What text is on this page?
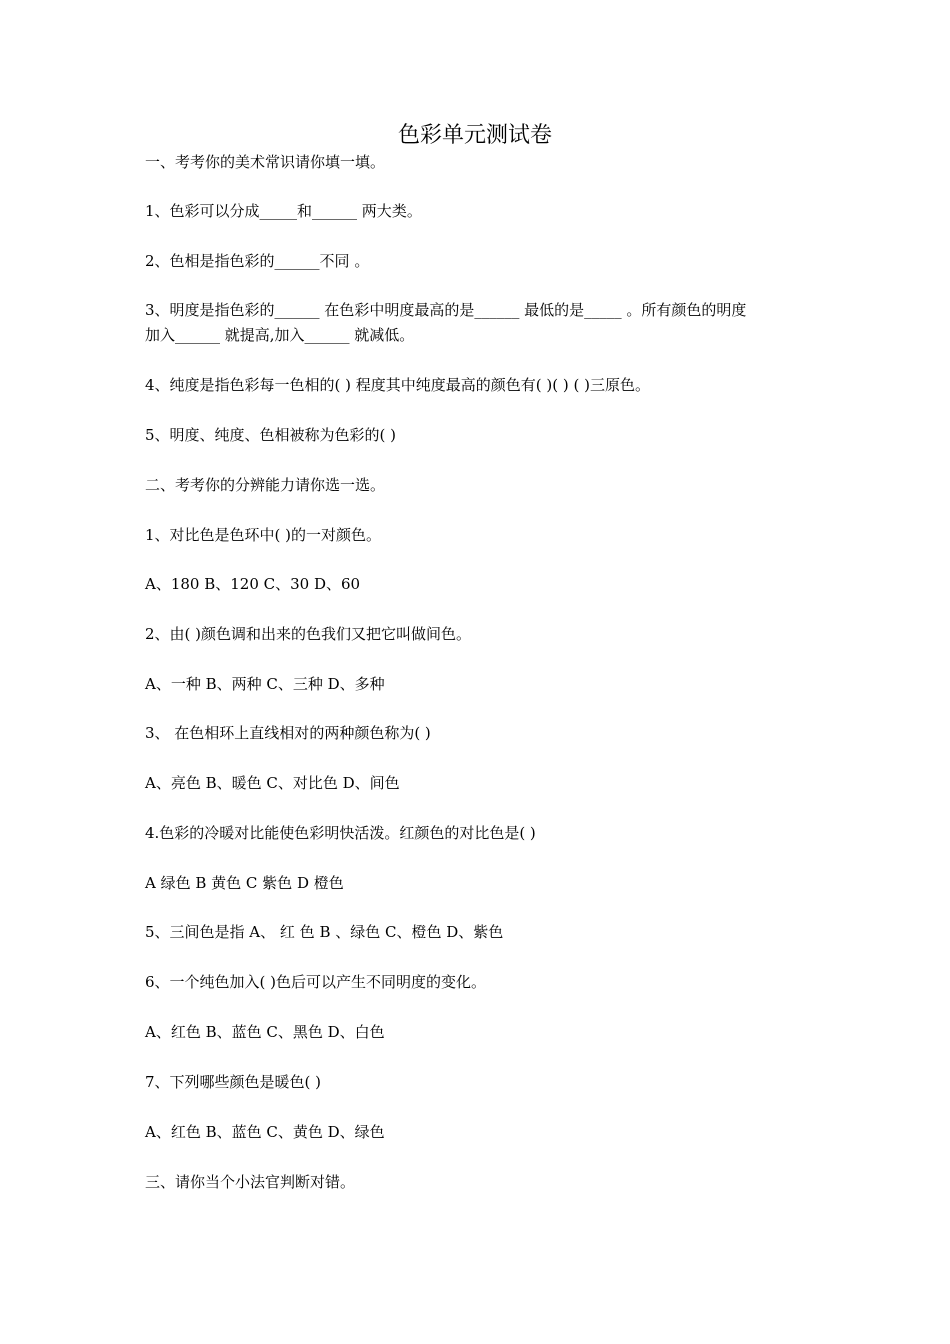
色彩单元测试卷
一、考考你的美术常识请你填一填。
1、色彩可以分成_____和______ 两大类。
2、色相是指色彩的______不同 。
3、明度是指色彩的______ 在色彩中明度最高的是______ 最低的是_____ 。所有颜色的明度
加入______ 就提高,加入______ 就减低。
4、纯度是指色彩每一色相的( ) 程度其中纯度最高的颜色有( )( ) ( )三原色。
5、明度、纯度、色相被称为色彩的( )
二、考考你的分辨能力请你选一选。
1、对比色是色环中( )的一对颜色。
A、180 B、120 C、30 D、60
2、由( )颜色调和出来的色我们又把它叫做间色。
A、一种 B、两种 C、三种 D、多种
3、 在色相环上直线相对的两种颜色称为( )
A、亮色 B、暖色 C、对比色 D、间色
4.色彩的冷暖对比能使色彩明快活泼。红颜色的对比色是( )
A 绿色 B 黄色 C 紫色 D 橙色
5、三间色是指 A、 红 色 B 、绿色 C、橙色 D、紫色
6、一个纯色加入( )色后可以产生不同明度的变化。
A、红色 B、蓝色 C、黑色 D、白色
7、下列哪些颜色是暖色( )
A、红色 B、蓝色 C、黄色 D、绿色
三、请你当个小法官判断对错。
